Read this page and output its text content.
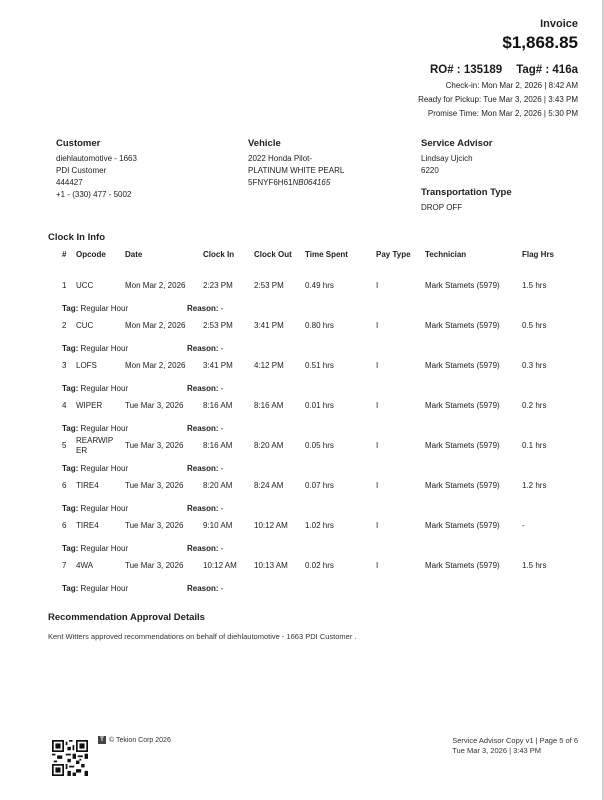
Invoice
$1,868.85
RO# : 135189 Tag# : 416a
Check-in: Mon Mar 2, 2026 | 8:42 AM
Ready for Pickup: Tue Mar 3, 2026 | 3:43 PM
Promise Time: Mon Mar 2, 2026 | 5:30 PM
Customer
diehlautomotive - 1663
PDI Customer
444427
+1 - (330) 477 - 5002
Vehicle
2022 Honda Pilot-
PLATINUM WHITE PEARL
5FNYF6H61NB064165
Service Advisor
Lindsay Ujcich
6220
Transportation Type
DROP OFF
Clock In Info
# Opcode	Date	Clock In Clock Out Time Spent	Pay Type Technician	Flag Hrs
1 UCC	Mon Mar 2, 2026 2:23 PM	2:53 PM	0.49 hrs	I	Mark Stamets (5979)	1.5 hrs
Tag: Regular Hour	Reason: -
2 CUC	Mon Mar 2, 2026 2:53 PM	3:41 PM	0.80 hrs	I	Mark Stamets (5979)	0.5 hrs
Tag: Regular Hour	Reason: -
3 LOFS	Mon Mar 2, 2026 3:41 PM	4:12 PM	0.51 hrs	I	Mark Stamets (5979)	0.3 hrs
Tag: Regular Hour	Reason: -
4 WIPER	Tue Mar 3, 2026 8:16 AM	8:16 AM	0.01 hrs	I	Mark Stamets (5979)	0.2 hrs
Tag: Regular Hour	Reason: -
5
REARWIP ER
Tue Mar 3, 2026 8:16 AM	8:20 AM	0.05 hrs	I	Mark Stamets (5979)	0.1 hrs
Tag: Regular Hour	Reason: -
6 TIRE4	Tue Mar 3, 2026 8:20 AM	8:24 AM	0.07 hrs	I	Mark Stamets (5979)	1.2 hrs
Tag: Regular Hour	Reason: -
6 TIRE4	Tue Mar 3, 2026 9:10 AM	10:12 AM 1.02 hrs	I	Mark Stamets (5979)	-
Tag: Regular Hour	Reason: -
7 4WA	Tue Mar 3, 2026 10:12 AM 10:13 AM 0.02 hrs	I	Mark Stamets (5979)	1.5 hrs
Tag: Regular Hour	Reason: -
Recommendation Approval Details
Kent Witters approved recommendations on behalf of diehlautomotive - 1663 PDI Customer .
T © Tekion Corp 2026	Service Advisor Copy v1 | Page 5 of 6
Tue Mar 3, 2026 | 3:43 PM
